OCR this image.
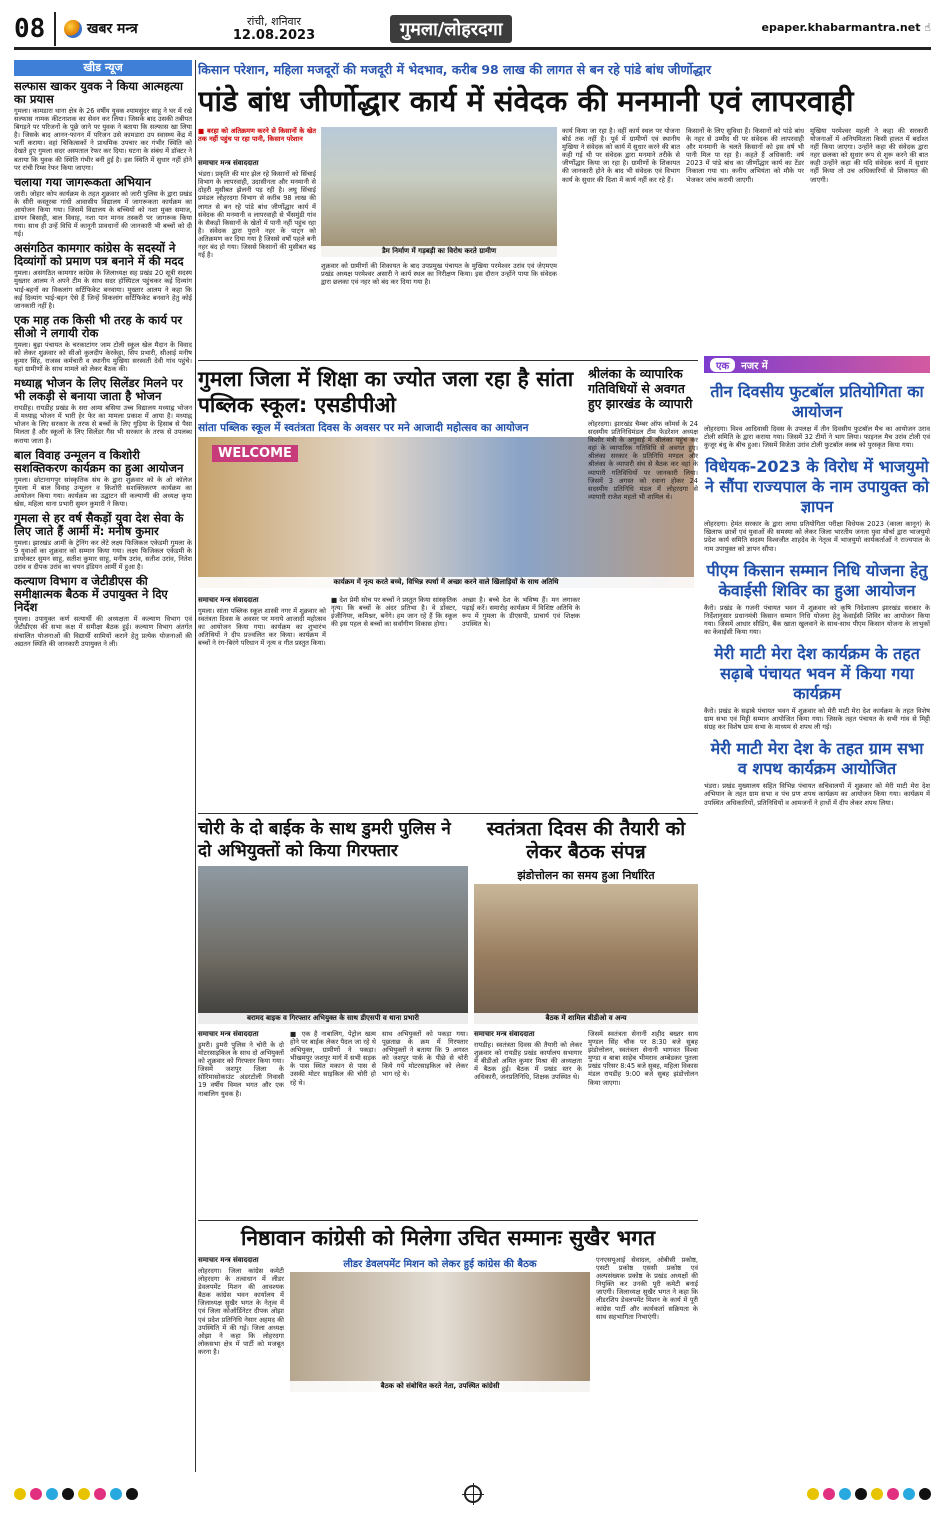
08	खबर मन्त्र	रांची, शनिवार
12.08.2023	गुमला/लोहरदगा	epaper.khabarmantra.net ☝
खीड न्यूज
सल्फास खाकर युवक ने किया आत्महत्या का प्रयास
गुमला। कामडारा थाना क्षेत्र के 26 वर्षीय युवक श्यामसुंदर साहू ने घर में रखे सल्फास नामक कीटनाशक का सेवन कर लिया। जिसके बाद उसकी तबीयत बिगड़ने पर परिजनों के पूछे जाने पर युवक ने बताया कि सल्फास खा लिया है। जिसके बाद आनन-फानन में परिजन उसे कामडारा उप स्वास्थ्य केंद्र में भर्ती कराया। वहां चिकित्सकों ने प्राथमिक उपचार कर गंभीर स्थिति को देखते हुए गुमला सदर अस्पताल रेफर कर दिया। घटना के संबंध में डॉक्टर ने बताया कि युवक की स्थिति गंभीर बनी हुई है। इस स्थिति में सुधार नहीं होने पर रांची रिम्स रेफर किया जाएगा।
चलाया गया जागरूकता अभियान
जारी। जोहार कोप कार्यक्रम के तहत शुक्रवार को जारी पुलिस के द्वारा प्रखंड के सीरी कस्तूरबा गांधी आवासीय विद्यालय में जागरूकता कार्यक्रम का आयोजन किया गया। जिसमें विद्यालय के बच्चियों को नशा मुक्त समाज, डायन बिसाही, बाल विवाह, नशा पान मानव तस्करी पर जागरूक किया गया। साथ ही उन्हें विधि में कानूनी प्रावधानों की जानकारी भी बच्चों को दी गई।
असंगठित कामगार कांग्रेस के सदस्यों ने दिव्यांगों को प्रमाण पत्र बनाने में की मदद
गुमला। असंगठित कामगार कांग्रेस के जिलाध्यक्ष सह प्रखंड 20 सूत्री सदस्य मुख्तार आलम ने अपने टीम के साथ सदर हॉस्पिटल पहुंचकर कई दिव्यांग भाई-बहनों का विकलांग सर्टिफिकेट बनवाया। मुख्तार आलम ने कहा कि कई दिव्यांग भाई-बहन ऐसे हैं जिन्हें विकलांग सर्टिफिकेट बनवाने हेतु कोई जानकारी नहीं है।
एक माह तक किसी भी तरह के कार्य पर सीओ ने लगायी रोक
गुमला। बुढ़ा पंचायत के चरकाटांगर जाम टोली स्कूल खेल मैदान के विवाद को लेकर शुक्रवार को सीओ कुलदीप केरकेट्टा, सिप प्रभारी, सीआई मनीष कुमार सिंह, राजस्व कर्मचारी व स्थानीय मुखिया सरस्वती देवी गांव पहुंचे। यहां ग्रामीणों के साथ मामले को लेकर बैठक की।
मध्याह्न भोजन के लिए सिलेंडर मिलने पर भी लकड़ी से बनाया जाता है भोजन
रायडीह। रायडीह प्रखंड के सरा आमा बसिया उच्च विद्यालय मध्याह्न भोजन में मध्याह्न भोजन में भारी हेर फेर का मामला प्रकाश में आया है। मध्याह्न भोजन के लिए सरकार के तरफ से बच्चों के लिए गुड़िया के हिसाब से पैसा मिलता है और स्कूलों के लिए सिलेंडर गैस भी सरकार के तरफ से उपलब्ध कराया जाता है।
बाल विवाह उन्मूलन व किशोरी सशक्तिकरण कार्यक्रम का हुआ आयोजन
गुमला। छोटानागपुर सांस्कृतिक संघ के द्वारा शुक्रवार को के ओ कॉलेज गुमला में बाल विवाह उन्मूलन व किशोरी सशक्तिकरण कार्यक्रम का आयोजन किया गया। कार्यक्रम का उद्घाटन सी कल्याणी की अध्यक्ष कृपा खेस, महिला थाना प्रभारी सुमन कुमारी ने किया।
गुमला से हर वर्ष सैकड़ों युवा देश सेवा के लिए जाते हैं आर्मी में: मनीष कुमार
गुमला। झारखंड आर्मी के ट्रेनिंग कर लेटे लक्ष्य फिजिकल एकेडमी गुमला के 9 युवाओं का शुक्रवार को सम्मान किया गया। लक्ष्य फिजिकल एकेडमी के डायरेक्टर सुमन साहू, सतीश कुमार साहू, मनीष उरांव, सतीश उरांव, नितेश उरांव व दीपक उरांव का चयन इंडियन आर्मी में हुआ है।
कल्याण विभाग व जेटीडीएस की समीक्षात्मक बैठक में उपायुक्त ने दिए निर्देश
गुमला। उपायुक्त कर्ण सत्यार्थी की अध्यक्षता में कल्याण विभाग एवं जेटीडीएस की सभा कक्ष में समीक्षा बैठक हुई। कल्याण विभाग अंतर्गत संचालित योजनाओं की विद्यार्थी सामियों कराने हेतु प्रत्येक योजनाओं की अद्यतन स्थिति की जानकारी उपायुक्त ने ली।
किसान परेशान, महिला मजदूरों की मजदूरी में भेदभाव, करीब 98 लाख की लागत से बन रहे पांडे बांध जीर्णोद्धार
पांडे बांध जीर्णोद्धार कार्य में संवेदक की मनमानी एवं लापरवाही
■ बरहा को अतिक्रमण करने से किसानों के खेत तक नहीं पहुंच पा रहा पानी, किसान परेशान
समाचार मन्त्र संवाददाता
भंडरा। प्रकृति की मार झेल रहे किसानों को सिंचाई विभाग के लापरवाही, उदासीनता और मनमानी से दोहरी मुसीबत झेलनी पड़ रही है। लघु सिंचाई प्रमंडल लोहरदगा विभाग से करीब 98 लाख की लागत से बन रहे पांडे बांध जीर्णोद्धार कार्य में संवेदक की मनमानी व लापरवाही से भैंसमुंडी गांव के सैकड़ों किसानों के खेतों में पानी नहीं पहुंच रहा है। संवेदक द्वारा पुराने नहर के पाट्न को अतिक्रमण कर दिया गया है जिससे वर्षों पहले बनी नहर बंद हो गया। जिससे किसानों की मुसीबत बढ़ गई है।
डैम निर्माण में गड़बड़ी का विरोध करते ग्रामीण
शुक्रवार को ग्रामीणों की शिकायत के बाद उपप्रमुख पंचायत के मुखिया परमेश्वर उरांव एवं जेएमएम प्रखंड अध्यक्ष परमेश्वर असारी ने कार्य स्थल का निरीक्षण किया। इस दौरान उन्होंने पाया कि संवेदक द्वारा छलका एवं नहर को बंद कर दिया गया है।
कार्य किया जा रहा है। वहीं कार्य स्थल पर योजना बोर्ड तक नहीं है। पूर्व में ग्रामीणों एवं स्थानीय मुखिया ने संवेदक को कार्य में सुधार करने की बात कही गई थी पर संवेदक द्वारा मनमाने तरीके से जीर्णोद्धार किया जा रहा है। ग्रामीणों के शिकायत की जानकारी होने के बाद भी संवेदक एवं विभाग कार्य के सुधार की दिशा में कार्य नहीं कर रहे हैं।
किसानों के लिए सुविधा हैं। किसानों को पांडे बांध के नहर से उम्मीद थी पर संवेदक की लापरवाही और मनमानी के चलते किसानों को इस वर्ष भी पानी मिल पा रहा है। कहते हैं अधिकारी: वर्ष 2023 में पांडे बांध का जीर्णोद्धार कार्य का टेंडर निकाला गया था। कनीय अभियंता को मौके पर भेजकर जांच करायी जाएगी।
मुखिया परमेश्वर महली ने कहा की सरकारी योजनाओं में अनियमितता किसी हालत में बर्दाश्त नहीं किया जाएगा। उन्होंने कहा की संवेदक द्वारा नहर छलका को सुधार रूप से शुरू करने की बात कही उन्होंने कहा की यदि संवेदक कार्य में सुधार नहीं किया तो उच अधिकारियों से शिकायत की जाएगी।
गुमला जिला में शिक्षा का ज्योत जला रहा है सांता पब्लिक स्कूल: एसडीपीओ
सांता पब्लिक स्कूल में स्वतंत्रता दिवस के अवसर पर मने आजादी महोत्सव का आयोजन
WELCOME
कार्यक्रम में नृत्य करते बच्चे, विभिन्न स्पर्धा में अच्छा करने वाले खिलाड़ियों के साथ अतिथि
समाचार मन्त्र संवाददाता
गुमला। सांता पब्लिक स्कूल शास्त्री नगर में शुक्रवार को स्वतंत्रता दिवस के अवसर पर मनाये आजादी महोत्सव का आयोजन किया गया। कार्यक्रम का शुभारंभ अतिथियों ने दीप प्रज्वलित कर किया। कार्यक्रम में बच्चों ने रंग-बिरंगे परिधान में नृत्य व गीत प्रस्तुत किया।
■ देश प्रेमी सोच पर बच्चों ने प्रस्तुत किया सांस्कृतिक नृत्य। कि बच्चों के अंदर प्रतिभा है। वे डॉक्टर, इंजीनियर, कमिश्नर, बनेंगे। हम जान रहे हैं कि स्कूल की इस पहल से बच्चों का सर्वांगीण विकास होगा।
अच्छा है। बच्चे देश के भविष्य हैं। मन लगाकर पढ़ाई करें। समारोह कार्यक्रम में विशिष्ट अतिथि के रूप में गुमला के डीएसपी, प्राचार्य एवं शिक्षक उपस्थित थे।
श्रीलंका के व्यापारिक गतिविधियों से अवगत हुए झारखंड के व्यापारी
लोहरदगा। झारखंड चैम्बर ऑफ कॉमर्स के 24 सदस्यीय प्रतिनिधिमंडल टीम फेडरेशन अध्यक्ष किशोर मंत्री के अगुवाई में श्रीलंका पहुंच कर वहां के व्यापारिक गतिविधि से अवगत हुए। श्रीलंका सरकार के प्रतिनिधि मण्डल और श्रीलंका के व्यापारी संघ से बैठक कर वहां के व्यापारी गतिविधियों पर जानकारी लिया। जिसमें 3 अगस्त को रवाना होकर 24 सदस्यीय प्रतिनिधि मंडल में लोहरदगा से व्यापारी राजेश महतो भी शामिल थे।
एक	नजर में
तीन दिवसीय फुटबॉल प्रतियोगिता का आयोजन
लोहरदगा। विश्व आदिवासी दिवस के उपलक्ष में तीन दिवसीय फुटबॉल मैच का आयोजन उराव टोली समिति के द्वारा कराया गया। जिसमें 32 टीमों ने भाग लिया। फाइनल मैच उरांव टोली एवं कुजूर बंधु के बीच हुआ। जिसमें विजेता उरांव टोली फुटबॉल क्लब को पुरस्कृत किया गया।
विधेयक-2023 के विरोध में भाजयुमो ने सौंपा राज्यपाल के नाम उपायुक्त को ज्ञापन
लोहरदगा। हेमंत सरकार के द्वारा लाया प्रतियोगिता परीक्षा विधेयक 2023 (काला कानून) के खिलाफ छात्रों एवं युवाओं की समस्या को लेकर जिला भारतीय जनता युवा मोर्चा द्वारा भाजयुमो प्रदेश कार्य समिति सदस्य विश्वजीत शाहदेव के नेतृत्व में भाजयुमो कार्यकर्ताओं ने राज्यपाल के नाम उपायुक्त को ज्ञापन सौंपा।
पीएम किसान सम्मान निधि योजना हेतु केवाईसी शिविर का हुआ आयोजन
कैरो। प्रखंड के गजनी पंचायत भवन में शुक्रवार को कृषि निदेशालय झारखंड सरकार के निर्देशानुसार प्रधानमंत्री किसान सम्मान निधि योजना हेतु केवाईसी शिविर का आयोजन किया गया। जिसमें आधार सीडिंग, बैंक खाता खुलवाने के साथ-साथ पीएम किसान योजना के लाभुकों का केवाईसी किया गया।
मेरी माटी मेरा देश कार्यक्रम के तहत सढ़ाबे पंचायत भवन में किया गया कार्यक्रम
कैरो। प्रखंड के सढ़ाबे पंचायत भवन में शुक्रवार को मेरी माटी मेरा देश कार्यक्रम के तहत विशेष ग्राम सभा एवं मिट्टी सम्मान आयोजित किया गया। जिसके तहत पंचायत के सभी गांव से मिट्टी संग्रह कर विशेष ग्राम सभा के माध्यम से शपथ ली गई।
मेरी माटी मेरा देश के तहत ग्राम सभा व शपथ कार्यक्रम आयोजित
भंडरा। प्रखंड मुख्यालय सहित विभिन्न पंचायत सचिवालयों में शुक्रवार को मेरी माटी मेरा देश अभियान के तहत ग्राम सभा व पंच प्रण शपथ कार्यक्रम का आयोजन किया गया। कार्यक्रम में उपस्थित अधिकारियों, प्रतिनिधियों व आमजनों ने हाथों में दीप लेकर शपथ लिया।
चोरी के दो बाईक के साथ डुमरी पुलिस ने दो अभियुक्तों को किया गिरफ्तार
बरामद बाइक व गिरफ्तार अभियुक्त के साथ डीएसपी व थाना प्रभारी
समाचार मन्त्र संवाददाता
डुमरी। डुमरी पुलिस ने चोरी के दो मोटरसाइकिल के साथ दो अभियुक्तों को शुक्रवार को गिरफ्तार किया गया। जिसमें जशपुर जिला के सोरिमासोकाउंट अंडरटोली निवासी 19 वर्षीय विमल भगत और एक नाबालिग युवक है।
■ एक है नाबालिग, पेट्रोल खत्म होने पर बाईक लेकर पैदल जा रहे थे अभियुक्त, ग्रामीणों ने पकड़ा। भीखमपुर जशपुर मार्ग में सभी सड़क के पास स्थित मकान से पास से उसकी मोटर साइकिल की चोरी हो रहे थे।
साथ अभियुक्तों को पकड़ा गया। पूछताछ के क्रम में गिरफ्तार अभियुक्तों ने बताया कि 9 अगस्त को जशपुर पार्क के पीछे से चोरी किये गये मोटरसाइकिल को लेकर भाग रहे थे।
स्वतंत्रता दिवस की तैयारी को लेकर बैठक संपन्न
झंडोत्तोलन का समय हुआ निर्धारित
बैठक में शामिल बीडीओ व अन्य
समाचार मन्त्र संवाददाता
रायडीह। स्वतंत्रता दिवस की तैयारी को लेकर शुक्रवार को रायडीह प्रखंड कार्यालय सभागार में बीडीओ अमित कुमार मिश्रा की अध्यक्षता में बैठक हुई। बैठक में प्रखंड स्तर के अधिकारी, जनप्रतिनिधि, शिक्षक उपस्थित थे।
जिसमें स्वतंत्रता सेनानी शहीद बख्तर साय मुण्डल सिंह चौक पर 8:30 बजे सुबह झंडोत्तोलन, स्वतंत्रता सेनानी भागवत विश्वा मुण्डा व बाबा साहेब भीमराव अम्बेडकर पुतला प्रखंड परिसर 8:45 बजे सुबह, महिला विकास मंडल रायडीह 9:00 बजे सुबह झंडोत्तोलन किया जाएगा।
निष्ठावान कांग्रेसी को मिलेगा उचित सम्मानः सुखैर भगत
समाचार मन्त्र संवाददाता
लोहरदगा। जिला कांग्रेस कमेटी लोहरदगा के तत्वाधान में लीडर डेवलपमेंट मिशन की आवश्यक बैठक कांग्रेस भवन कार्यालय में जिलाध्यक्ष सुखैर भगत के नेतृत्व में एवं जिला कोऑर्डिनेटर दीपक ओझा एवं प्रदेश प्रतिनिधि नेसार अहमद की उपस्थिति में की गई। जिला अध्यक्ष ओझा ने कहा कि लोहरदगा लोकसभा क्षेत्र में पार्टी को मजबूत करना है।
लीडर डेवलपमेंट मिशन को लेकर हुई कांग्रेस की बैठक
बैठक को संबोधित करते नेता, उपस्थित कांग्रेसी
एनएसयूआई सेवादल, ओबीसी प्रकोष्ठ, एसटी प्रकोष्ठ एससी प्रकोष्ठ एवं अल्पसंख्यक प्रकोष्ठ के प्रखंड अध्यक्षों की नियुक्ति कर उनकी पूरी कमेटी बनाई जाएगी। जिलाध्यक्ष सुखैर भगत ने कहा कि लीडरशिप डेवलपमेंट मिशन के कार्य में पूरी कांग्रेस पार्टी और कार्यकर्ता सक्रियता के साथ सहभागिता निभाएंगी।
